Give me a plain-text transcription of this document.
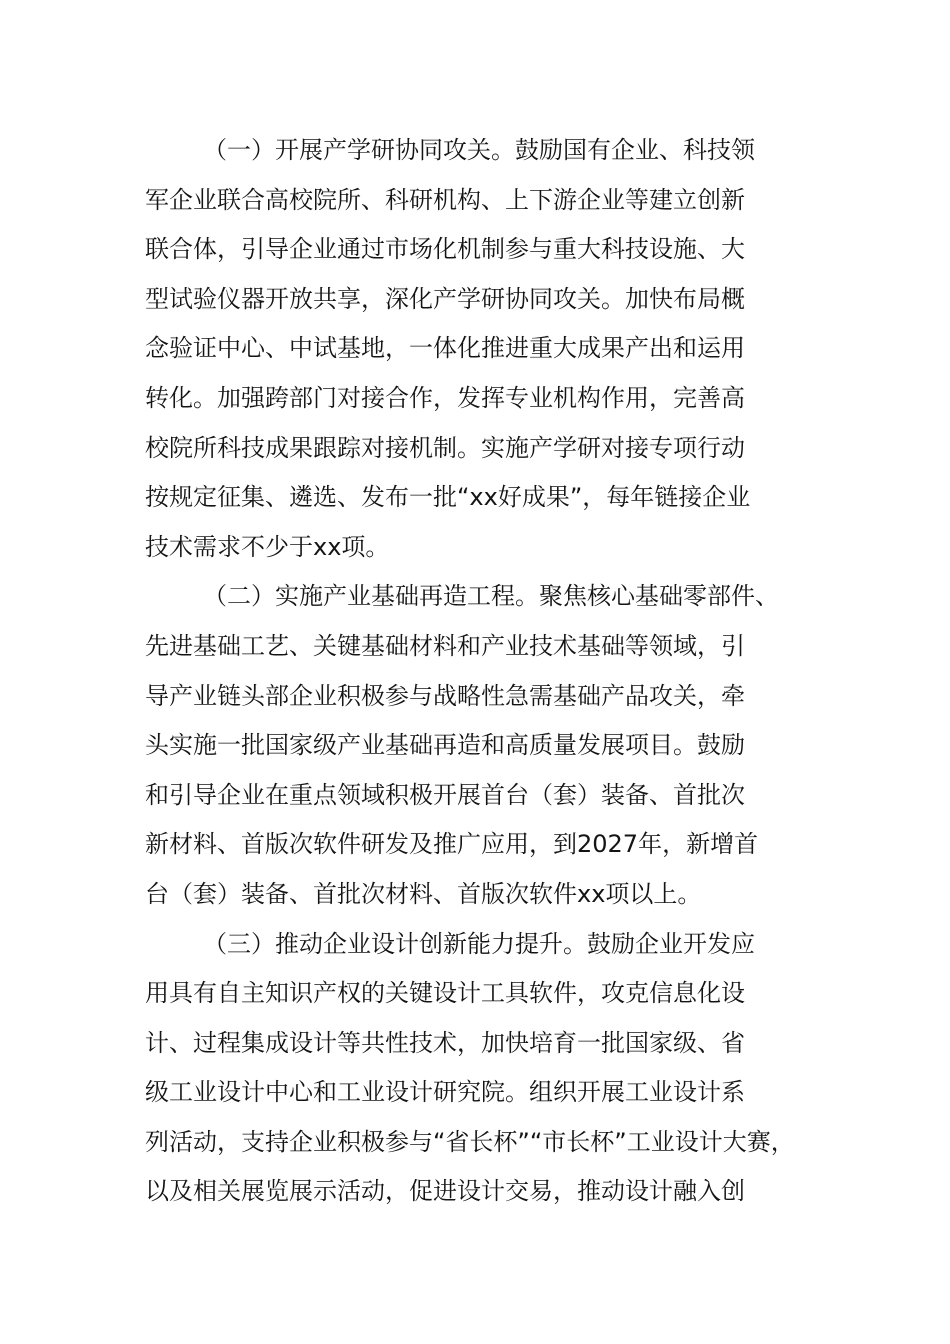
（一）开展产学研协同攻关。鼓励国有企业、科技领
军企业联合高校院所、科研机构、上下游企业等建立创新
联合体，引导企业通过市场化机制参与重大科技设施、大
型试验仪器开放共享，深化产学研协同攻关。加快布局概
念验证中心、中试基地，一体化推进重大成果产出和运用
转化。加强跨部门对接合作，发挥专业机构作用，完善高
校院所科技成果跟踪对接机制。实施产学研对接专项行动
按规定征集、遴选、发布一批“xx好成果”，每年链接企业
技术需求不少于xx项。
（二）实施产业基础再造工程。聚焦核心基础零部件、
先进基础工艺、关键基础材料和产业技术基础等领域，引
导产业链头部企业积极参与战略性急需基础产品攻关，牵
头实施一批国家级产业基础再造和高质量发展项目。鼓励
和引导企业在重点领域积极开展首台（套）装备、首批次
新材料、首版次软件研发及推广应用，到2027年，新增首
台（套）装备、首批次材料、首版次软件xx项以上。
（三）推动企业设计创新能力提升。鼓励企业开发应
用具有自主知识产权的关键设计工具软件，攻克信息化设
计、过程集成设计等共性技术，加快培育一批国家级、省
级工业设计中心和工业设计研究院。组织开展工业设计系
列活动，支持企业积极参与“省长杯”“市长杯”工业设计大赛，
以及相关展览展示活动，促进设计交易，推动设计融入创
